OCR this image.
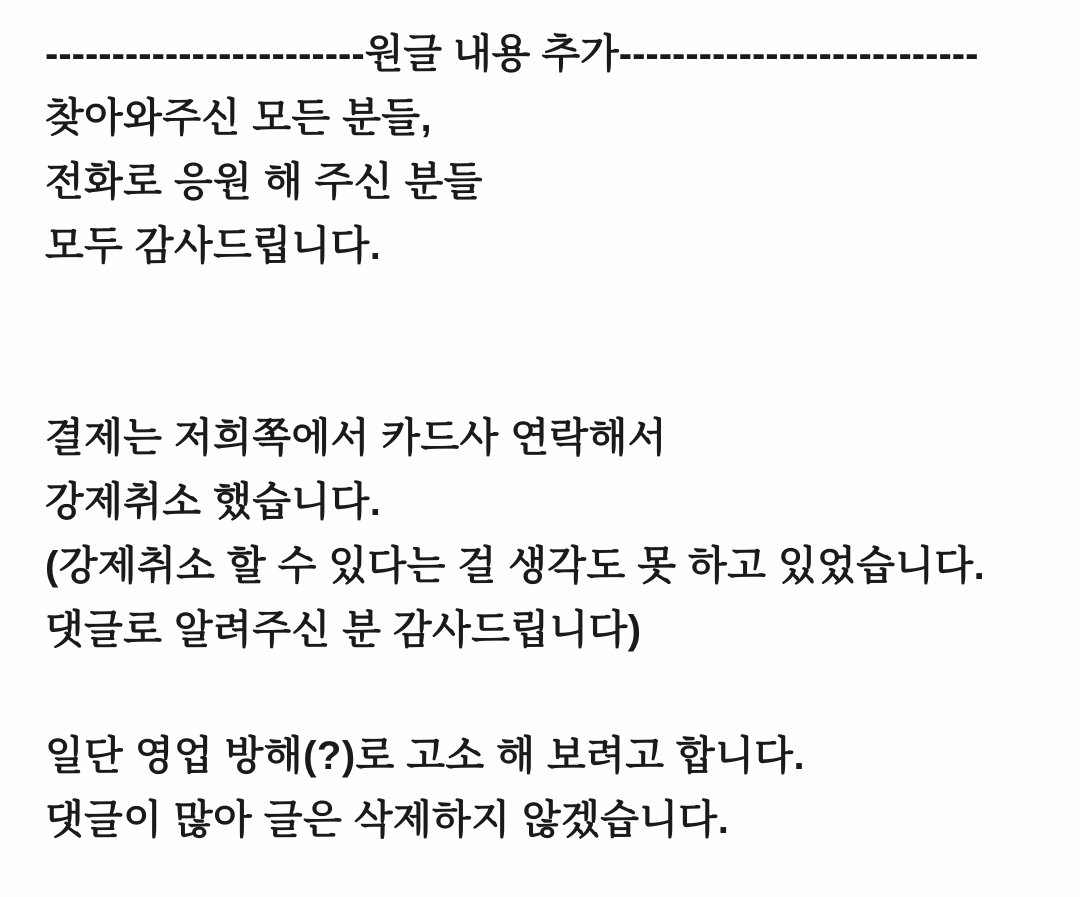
------------------------원글 내용 추가---------------------------
찾아와주신 모든 분들,
전화로 응원 해 주신 분들
모두 감사드립니다.
결제는 저희쪽에서 카드사 연락해서
강제취소 했습니다.
(강제취소 할 수 있다는 걸 생각도 못 하고 있었습니다.
댓글로 알려주신 분 감사드립니다)
일단 영업 방해(?)로 고소 해 보려고 합니다.
댓글이 많아 글은 삭제하지 않겠습니다.
